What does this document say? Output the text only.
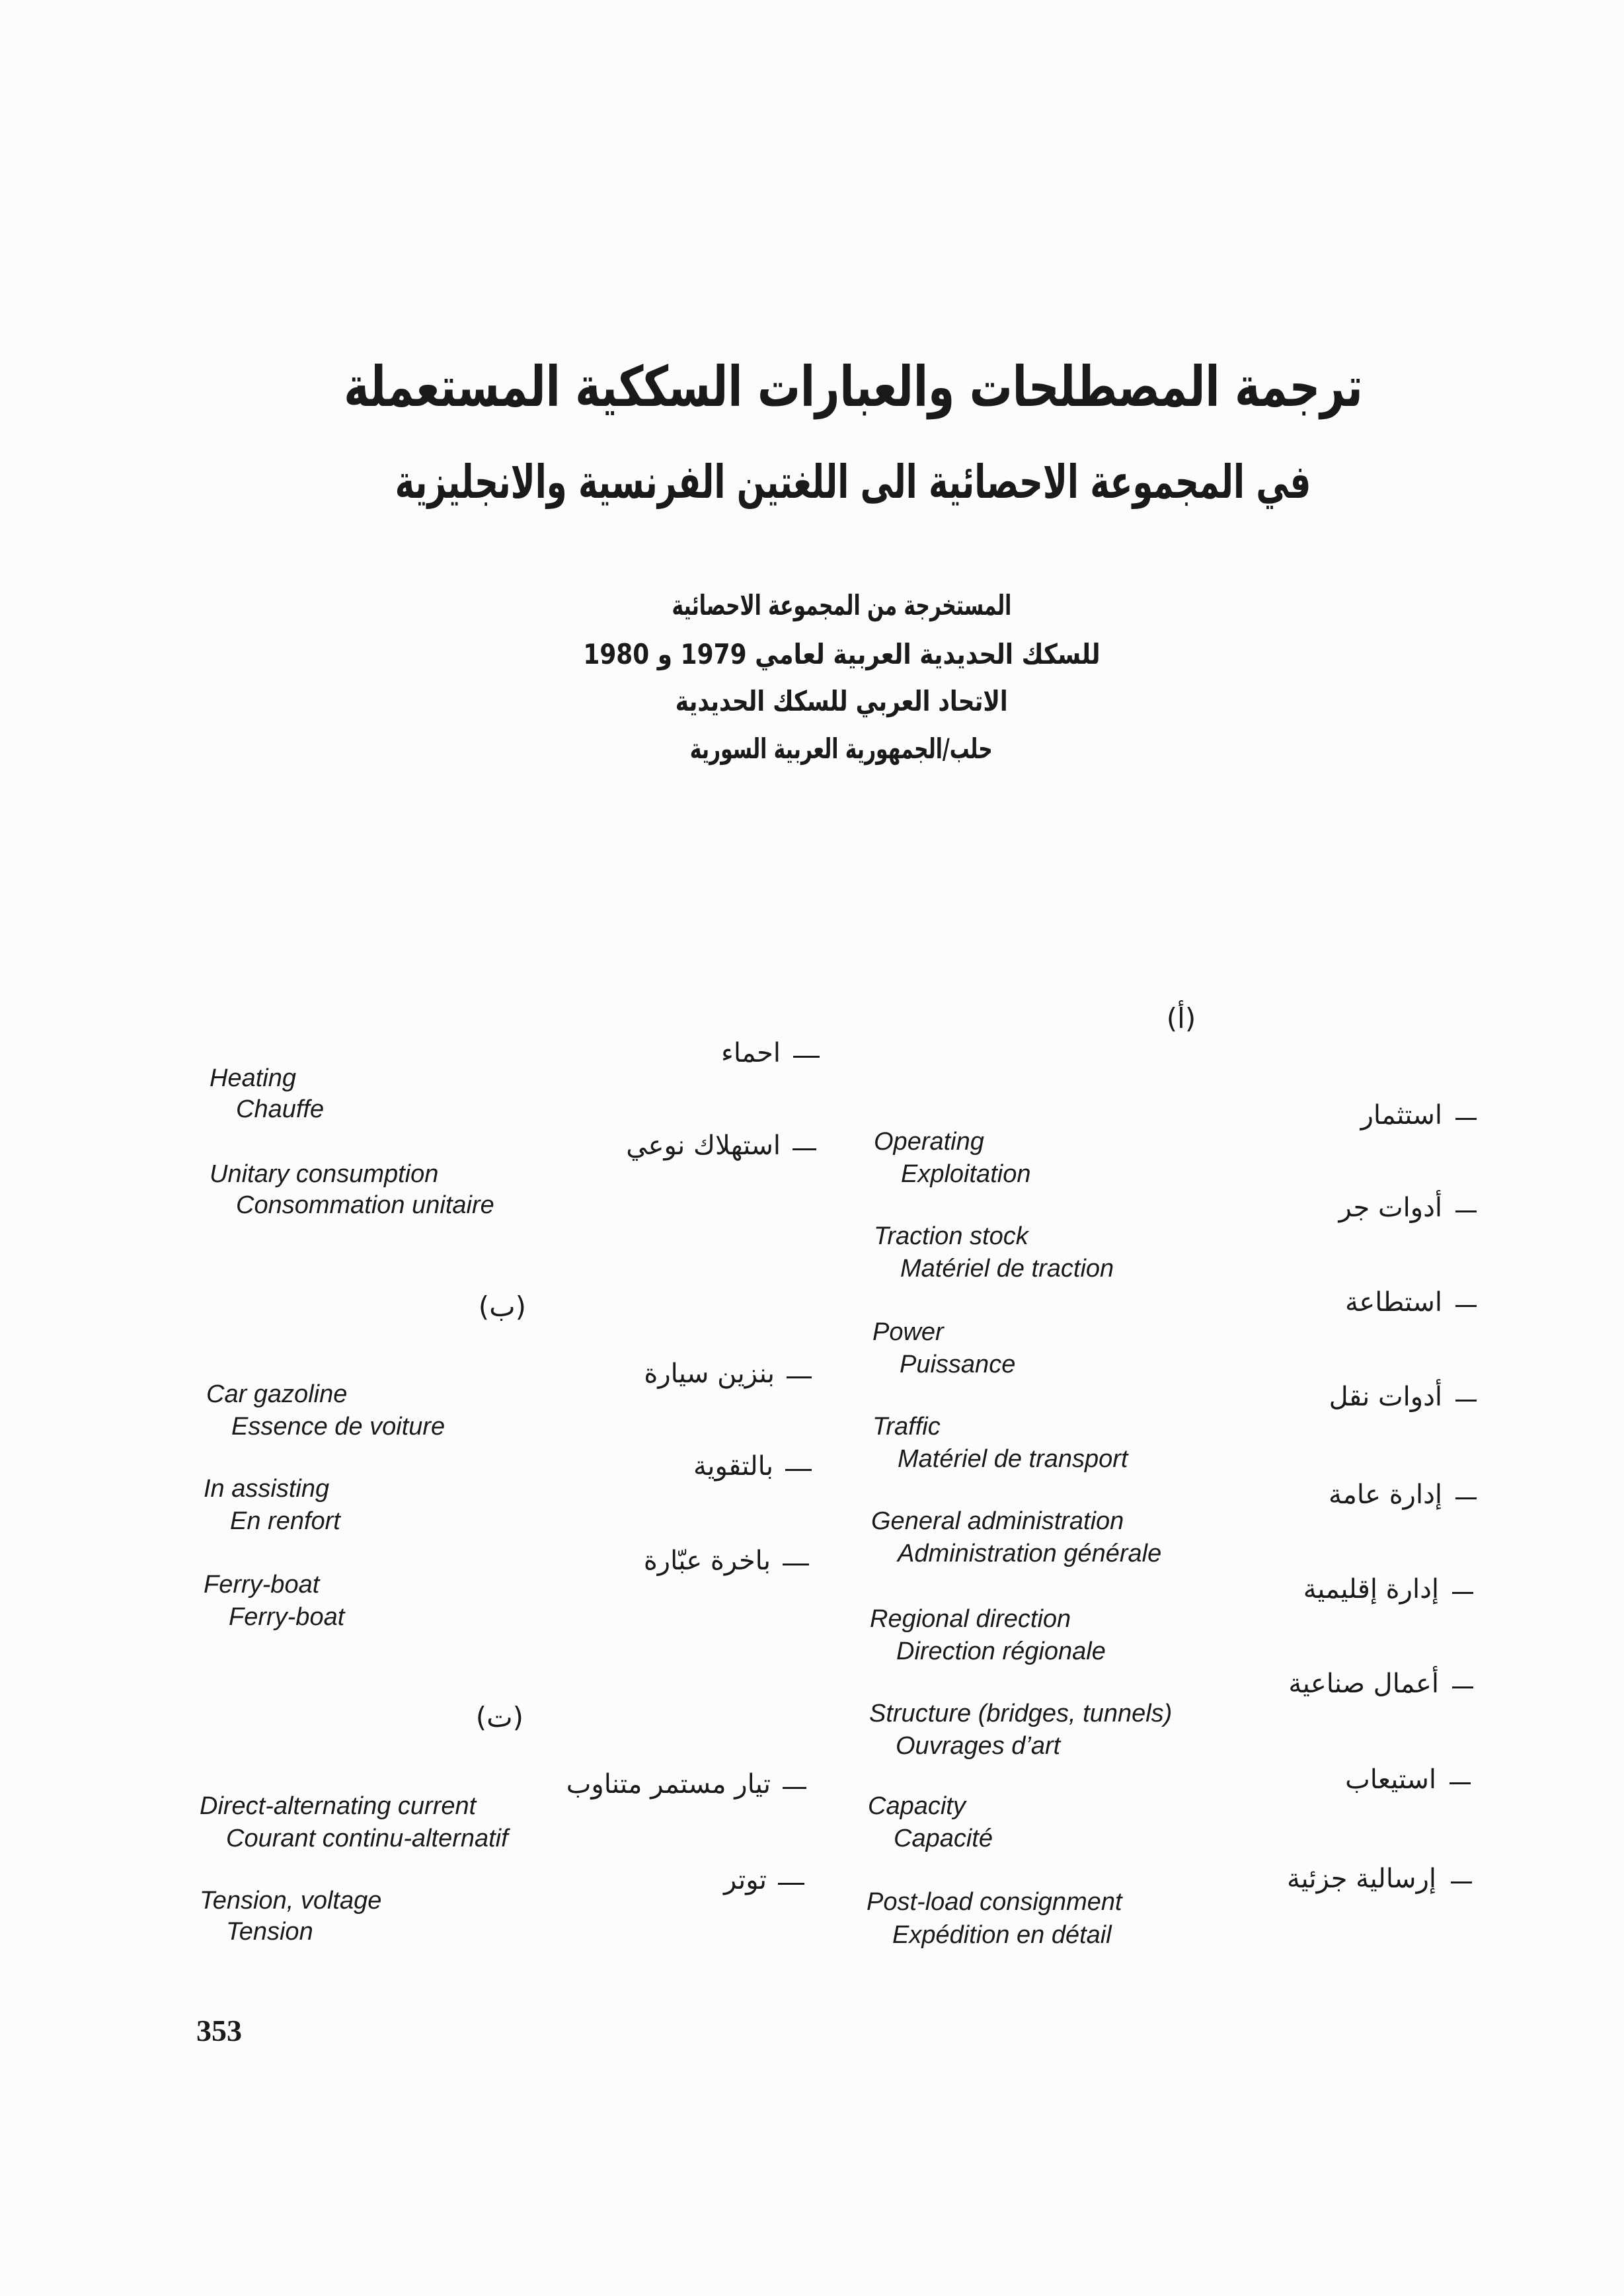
ترجمة المصطلحات والعبارات السككية المستعملة
في المجموعة الاحصائية الى اللغتين الفرنسية والانجليزية
المستخرجة من المجموعة الاحصائية
للسكك الحديدية العربية لعامي 1979 و 1980
الاتحاد العربي للسكك الحديدية
حلب/الجمهورية العربية السورية
(أ)
(ب)
(ت)
استثمار
Operating
Exploitation
أدوات جر
Traction stock
Matériel de traction
استطاعة
Power
Puissance
أدوات نقل
Traffic
Matériel de transport
إدارة عامة
General administration
Administration générale
إدارة إقليمية
Regional direction
Direction régionale
أعمال صناعية
Structure (bridges, tunnels)
Ouvrages d’art
استيعاب
Capacity
Capacité
إرسالية جزئية
Post-load consignment
Expédition en détail
احماء
Heating
Chauffe
استهلاك نوعي
Unitary consumption
Consommation unitaire
بنزين سيارة
Car gazoline
Essence de voiture
بالتقوية
In assisting
En renfort
باخرة عبّارة
Ferry-boat
Ferry-boat
تيار مستمر متناوب
Direct-alternating current
Courant continu-alternatif
توتر
Tension, voltage
Tension
353
